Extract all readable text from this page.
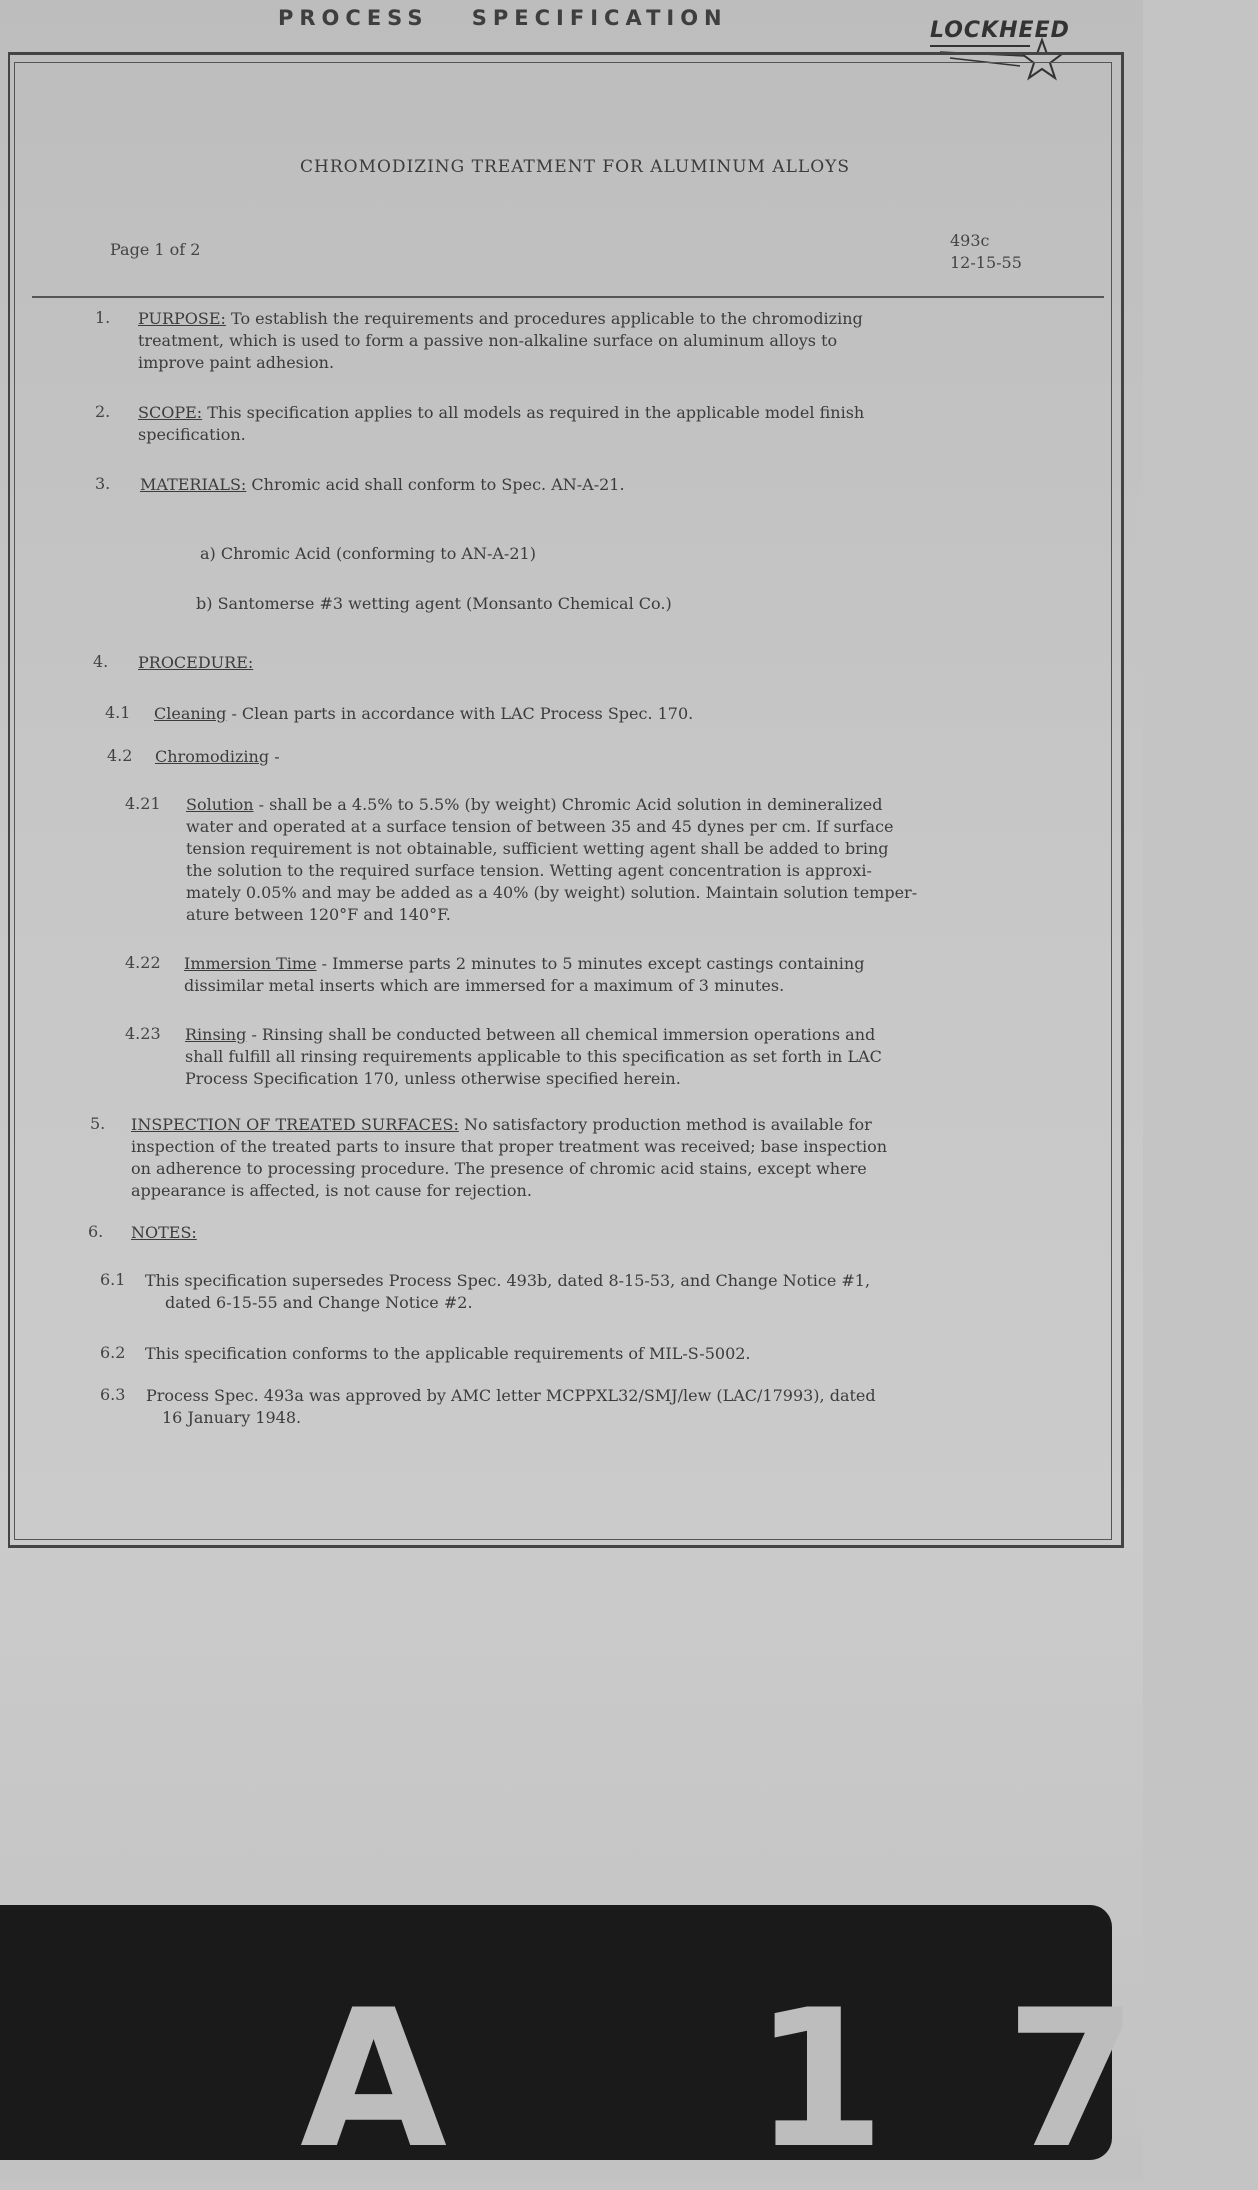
PROCESS SPECIFICATION	LOCKHEED
CHROMODIZING TREATMENT FOR ALUMINUM ALLOYS
Page 1 of 2	493c
12-15-55
1. PURPOSE: To establish the requirements and procedures applicable to the chromodizing
treatment, which is used to form a passive non-alkaline surface on aluminum alloys to
improve paint adhesion.
2. SCOPE: This specification applies to all models as required in the applicable model finish
specification.
3. MATERIALS: Chromic acid shall conform to Spec. AN-A-21.
a) Chromic Acid (conforming to AN-A-21)
b) Santomerse #3 wetting agent (Monsanto Chemical Co.)
4. PROCEDURE:
4.1 Cleaning - Clean parts in accordance with LAC Process Spec. 170.
4.2 Chromodizing -
4.21 Solution - shall be a 4.5% to 5.5% (by weight) Chromic Acid solution in demineralized
water and operated at a surface tension of between 35 and 45 dynes per cm. If surface
tension requirement is not obtainable, sufficient wetting agent shall be added to bring
the solution to the required surface tension. Wetting agent concentration is approxi-
mately 0.05% and may be added as a 40% (by weight) solution. Maintain solution temper-
ature between 120°F and 140°F.
4.22 Immersion Time - Immerse parts 2 minutes to 5 minutes except castings containing
dissimilar metal inserts which are immersed for a maximum of 3 minutes.
4.23 Rinsing - Rinsing shall be conducted between all chemical immersion operations and
shall fulfill all rinsing requirements applicable to this specification as set forth in LAC
Process Specification 170, unless otherwise specified herein.
5. INSPECTION OF TREATED SURFACES: No satisfactory production method is available for
inspection of the treated parts to insure that proper treatment was received; base inspection
on adherence to processing procedure. The presence of chromic acid stains, except where
appearance is affected, is not cause for rejection.
6. NOTES:
6.1 This specification supersedes Process Spec. 493b, dated 8-15-53, and Change Notice #1,
dated 6-15-55 and Change Notice #2.
6.2 This specification conforms to the applicable requirements of MIL-S-5002.
6.3 Process Spec. 493a was approved by AMC letter MCPPXL32/SMJ/lew (LAC/17993), dated
16 January 1948.
A 17
